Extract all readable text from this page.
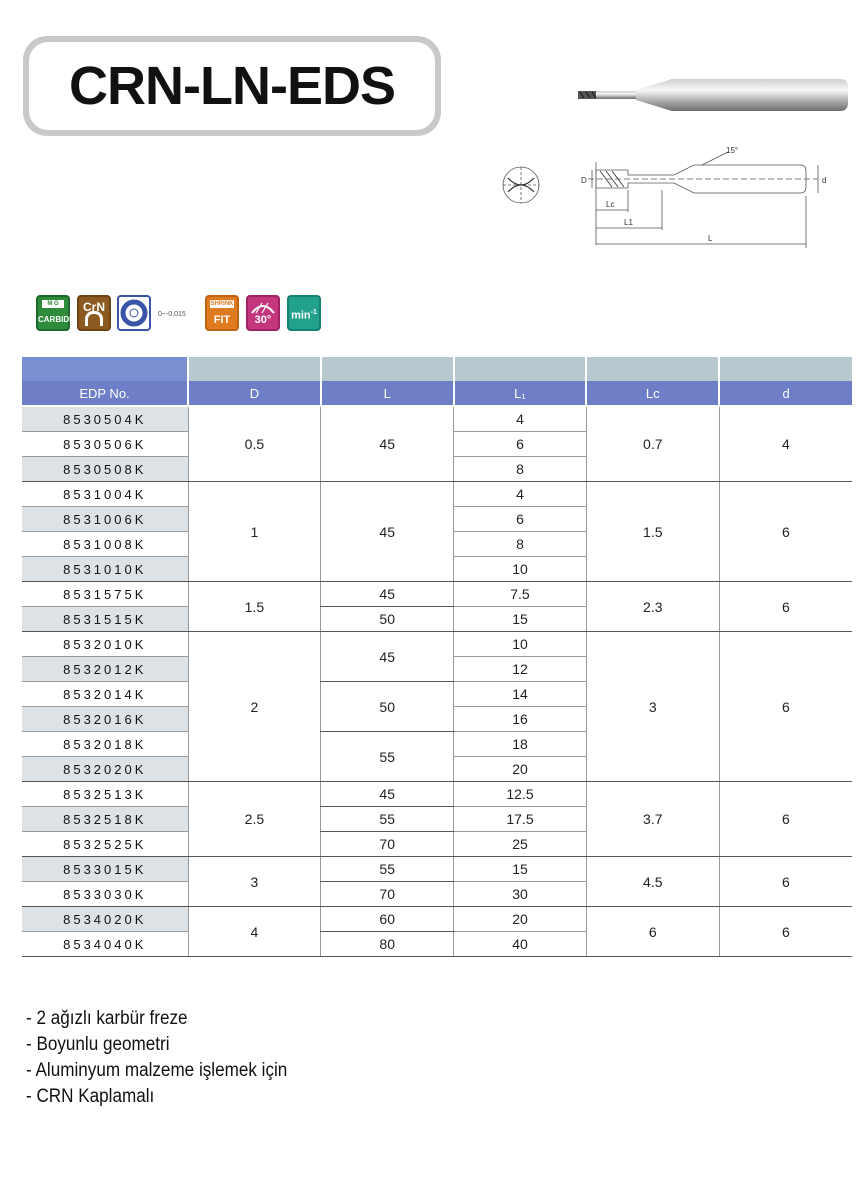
CRN-LN-EDS
15°
D	d
Lc
L1
L
M G
CARBIDE
CrN
0~-0.015
SHRINK
FIT	30°	$\min^{-1}$

EDP No.	D	L	L₁	Lc	d
8530504K	0.5	45	4	0.7	4
8530506K			6		
8530508K			8		
8531004K	1	45	4	1.5	6
8531006K			6		
8531008K			8		
8531010K			10		
8531575K	1.5	45	7.5	2.3	6
8531515K		50	15		
8532010K	2	45	10	3	6
8532012K			12		
8532014K		50	14		
8532016K			16		
8532018K		55	18		
8532020K			20		
8532513K	2.5	45	12.5	3.7	6
8532518K		55	17.5		
8532525K		70	25		
8533015K	3	55	15	4.5	6
8533030K		70	30		
8534020K	4	60	20	6	6
8534040K		80	40		
- 2 ağızlı karbür freze
- Boyunlu geometri
- Aluminyum malzeme işlemek için
- CRN Kaplamalı
